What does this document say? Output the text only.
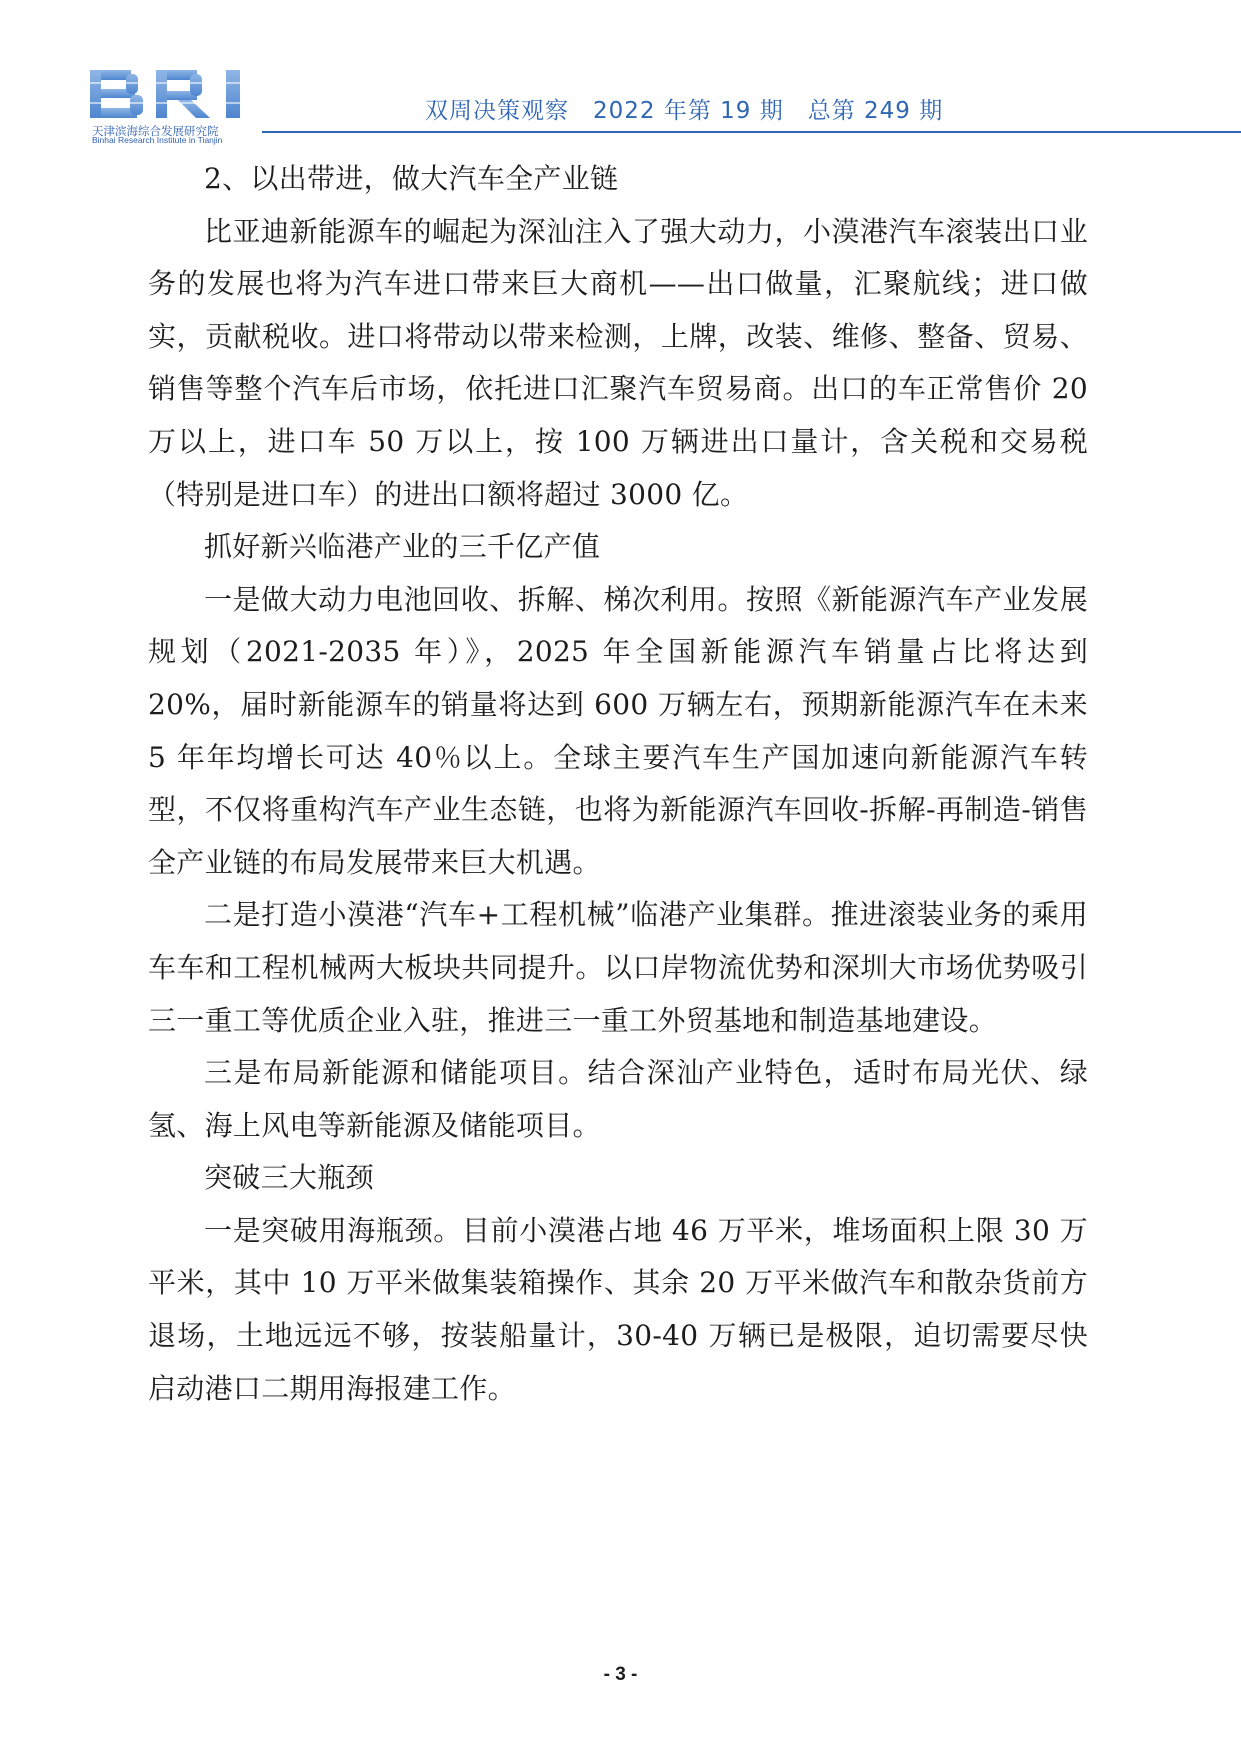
天津滨海综合发展研究院
Binhai Research Institute in Tianjin
双周决策观察　2022 年第 19 期　总第 249 期

2、以出带进，做大汽车全产业链

比亚迪新能源车的崛起为深汕注入了强大动力，小漠港汽车滚装出口业务的发展也将为汽车进口带来巨大商机——出口做量，汇聚航线；进口做实，贡献税收。进口将带动以带来检测，上牌，改装、维修、整备、贸易、销售等整个汽车后市场，依托进口汇聚汽车贸易商。出口的车正常售价 20 万以上，进口车 50 万以上，按 100 万辆进出口量计，含关税和交易税（特别是进口车）的进出口额将超过 3000 亿。

抓好新兴临港产业的三千亿产值

一是做大动力电池回收、拆解、梯次利用。按照《新能源汽车产业发展规划（2021-2035 年）》，2025 年全国新能源汽车销量占比将达到 20%，届时新能源车的销量将达到 600 万辆左右，预期新能源汽车在未来 5 年年均增长可达 40％以上。全球主要汽车生产国加速向新能源汽车转型，不仅将重构汽车产业生态链，也将为新能源汽车回收-拆解-再制造-销售全产业链的布局发展带来巨大机遇。

二是打造小漠港“汽车+工程机械”临港产业集群。推进滚装业务的乘用车车和工程机械两大板块共同提升。以口岸物流优势和深圳大市场优势吸引三一重工等优质企业入驻，推进三一重工外贸基地和制造基地建设。

三是布局新能源和储能项目。结合深汕产业特色，适时布局光伏、绿氢、海上风电等新能源及储能项目。

突破三大瓶颈

一是突破用海瓶颈。目前小漠港占地 46 万平米，堆场面积上限 30 万平米，其中 10 万平米做集装箱操作、其余 20 万平米做汽车和散杂货前方退场，土地远远不够，按装船量计，30-40 万辆已是极限，迫切需要尽快启动港口二期用海报建工作。

- 3 -
